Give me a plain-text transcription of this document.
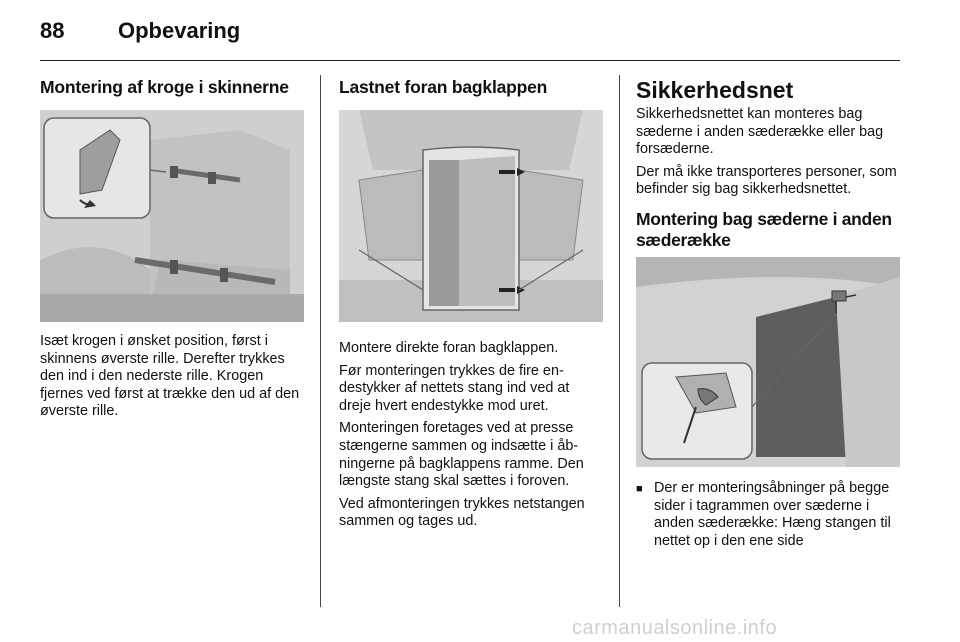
88 Opbevaring
Montering af kroge i skinnerne

Isæt krogen i ønsket position, først i skinnens øverste rille. Derefter trykkes den ind i den nederste rille. Krogen fjernes ved først at trække den ud af den øverste rille.

Lastnet foran bagklappen

Montere direkte foran bagklappen.

Før monteringen trykkes de fire endestykker af nettets stang ind ved at dreje hvert endestykke mod uret.

Monteringen foretages ved at presse stængerne sammen og indsætte i åbningerne på bagklappens ramme. Den længste stang skal sættes i foroven.

Ved afmonteringen trykkes netstangen sammen og tages ud.

Sikkerhedsnet

Sikkerhedsnettet kan monteres bag sæderne i anden sæderække eller bag forsæderne.

Der må ikke transporteres personer, som befinder sig bag sikkerhedsnettet.

Montering bag sæderne i anden sæderække
■ Der er monteringsåbninger på begge sider i tagrammen over sæderne i anden sæderække: Hæng stangen til nettet op i den ene side
carmanualsonline.info
